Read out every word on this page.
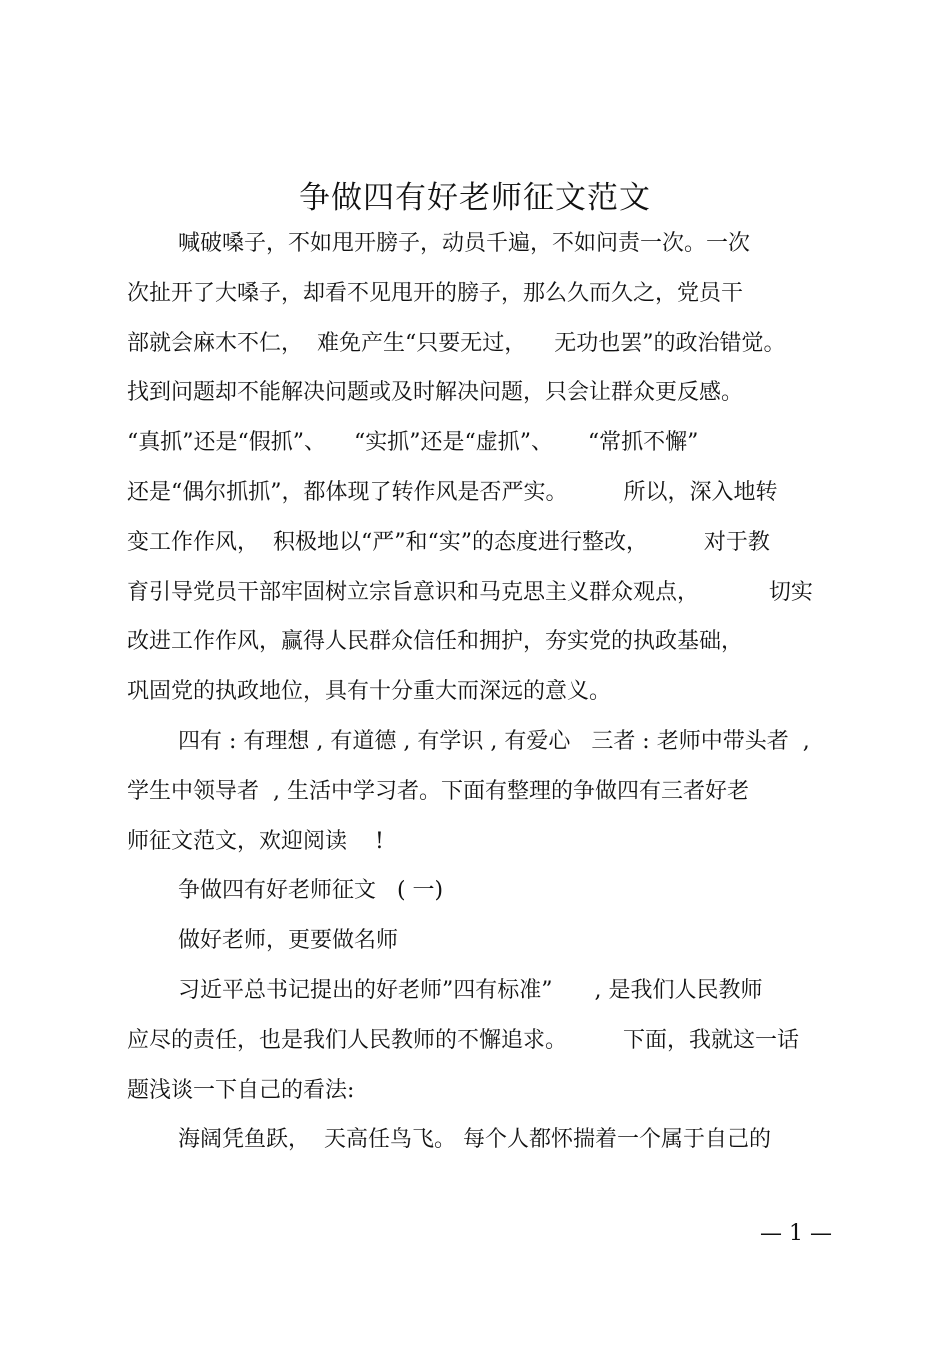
争做四有好老师征文范文
喊破嗓子，不如甩开膀子，动员千遍，不如问责一次。一次
次扯开了大嗓子，却看不见甩开的膀子，那么久而久之，党员干
部就会麻木不仁，  难免产生“只要无过，    无功也罢”的政治错觉。
找到问题却不能解决问题或及时解决问题，只会让群众更反感。
“真抓”还是“假抓”、    “实抓”还是“虚抓”、     “常抓不懈”
还是“偶尔抓抓”，都体现了转作风是否严实。        所以，深入地转
变工作作风，  积极地以“严”和“实”的态度进行整改，        对于教
育引导党员干部牢固树立宗旨意识和马克思主义群众观点，          切实
改进工作作风，赢得人民群众信任和拥护，夯实党的执政基础，
巩固党的执政地位，具有十分重大而深远的意义。
四有 : 有理想 , 有道德 , 有学识 , 有爱心   三者 : 老师中带头者  ,
学生中领导者  , 生活中学习者。下面有整理的争做四有三者好老
师征文范文，欢迎阅读    !
争做四有好老师征文   ( 一)
做好老师，更要做名师
习近平总书记提出的好老师”四有标准”      , 是我们人民教师
应尽的责任，也是我们人民教师的不懈追求。        下面，我就这一话
题浅谈一下自己的看法:
海阔凭鱼跃，  天高任鸟飞。 每个人都怀揣着一个属于自己的
— 1 —
